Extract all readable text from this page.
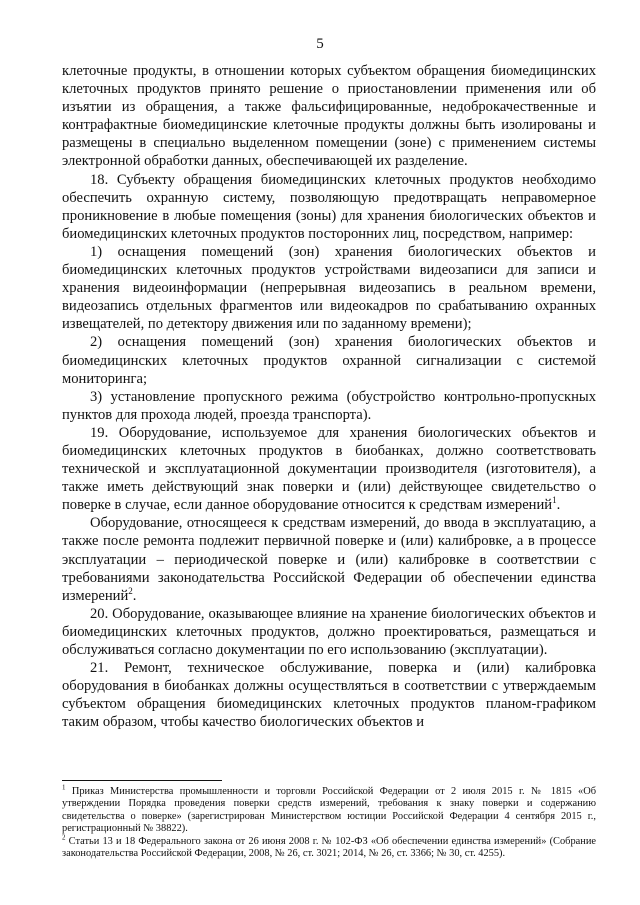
5

клеточные продукты, в отношении которых субъектом обращения биомедицинских клеточных продуктов принято решение о приостановлении применения или об изъятии из обращения, а также фальсифицированные, недоброкачественные и контрафактные биомедицинские клеточные продукты должны быть изолированы и размещены в специально выделенном помещении (зоне) с применением системы электронной обработки данных, обеспечивающей их разделение.

18. Субъекту обращения биомедицинских клеточных продуктов необходимо обеспечить охранную систему, позволяющую предотвращать неправомерное проникновение в любые помещения (зоны) для хранения биологических объектов и биомедицинских клеточных продуктов посторонних лиц, посредством, например:

1) оснащения помещений (зон) хранения биологических объектов и биомедицинских клеточных продуктов устройствами видеозаписи для записи и хранения видеоинформации (непрерывная видеозапись в реальном времени, видеозапись отдельных фрагментов или видеокадров по срабатыванию охранных извещателей, по детектору движения или по заданному времени);

2) оснащения помещений (зон) хранения биологических объектов и биомедицинских клеточных продуктов охранной сигнализации с системой мониторинга;

3) установление пропускного режима (обустройство контрольно-пропускных пунктов для прохода людей, проезда транспорта).

19. Оборудование, используемое для хранения биологических объектов и биомедицинских клеточных продуктов в биобанках, должно соответствовать технической и эксплуатационной документации производителя (изготовителя), а также иметь действующий знак поверки и (или) действующее свидетельство о поверке в случае, если данное оборудование относится к средствам измерений$^1$.

Оборудование, относящееся к средствам измерений, до ввода в эксплуатацию, а также после ремонта подлежит первичной поверке и (или) калибровке, а в процессе эксплуатации – периодической поверке и (или) калибровке в соответствии с требованиями законодательства Российской Федерации об обеспечении единства измерений$^2$.

20. Оборудование, оказывающее влияние на хранение биологических объектов и биомедицинских клеточных продуктов, должно проектироваться, размещаться и обслуживаться согласно документации по его использованию (эксплуатации).

21. Ремонт, техническое обслуживание, поверка и (или) калибровка оборудования в биобанках должны осуществляться в соответствии с утверждаемым субъектом обращения биомедицинских клеточных продуктов планом-графиком таким образом, чтобы качество биологических объектов и

$^1$ Приказ Министерства промышленности и торговли Российской Федерации от 2 июля 2015 г. № 1815 «Об утверждении Порядка проведения поверки средств измерений, требования к знаку поверки и содержанию свидетельства о поверке» (зарегистрирован Министерством юстиции Российской Федерации 4 сентября 2015 г., регистрационный № 38822).

$^2$ Статьи 13 и 18 Федерального закона от 26 июня 2008 г. № 102-ФЗ «Об обеспечении единства измерений» (Собрание законодательства Российской Федерации, 2008, № 26, ст. 3021; 2014, № 26, ст. 3366; № 30, ст. 4255).
